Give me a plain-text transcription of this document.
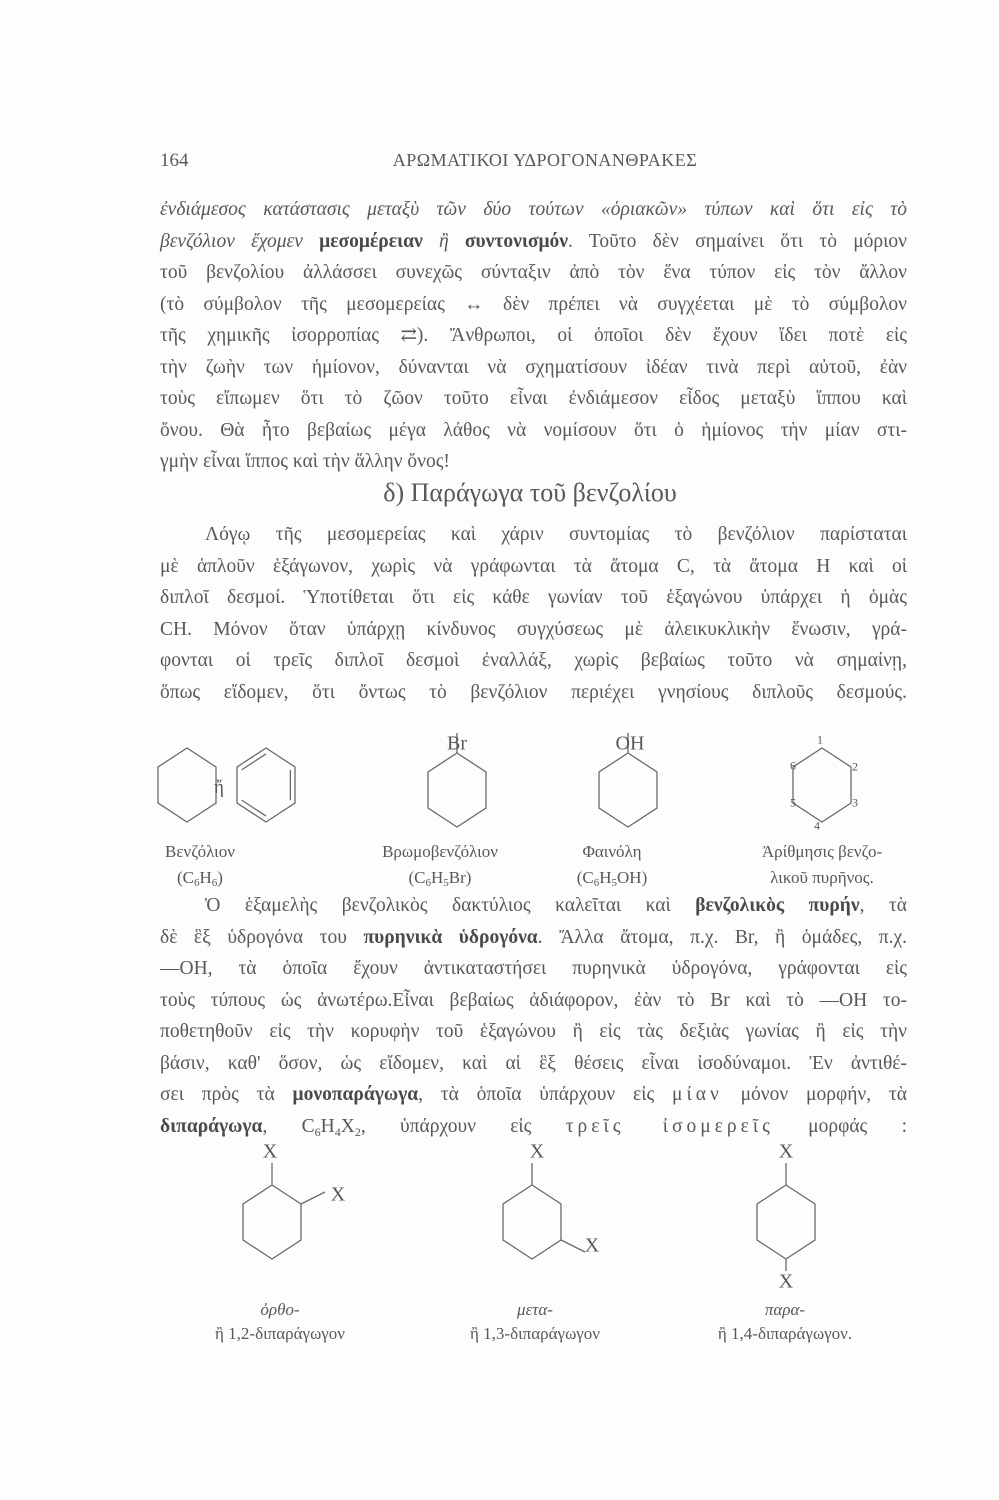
164	ΑΡΩΜΑΤΙΚΟΙ ΥΔΡΟΓΟΝΑΝΘΡΑΚΕΣ
δ) Παράγωγα τοῦ βενζολίου
ἤ
Br	OH	1
2
3
4
5
6
X
X
X
X
X
X
ἐνδιάμεσος κατάστασις μεταξὺ τῶν δύο τούτων «ὁριακῶν» τύπων καὶ ὅτι εἰς τὸ
βενζόλιον ἔχομεν μεσομέρειαν ἢ συντονισμόν. Τοῦτο δὲν σημαίνει ὅτι τὸ μόριον
τοῦ βενζολίου ἀλλάσσει συνεχῶς σύνταξιν ἀπὸ τὸν ἕνα τύπον εἰς τὸν ἄλλον
(τὸ σύμβολον τῆς μεσομερείας ↔ δὲν πρέπει νὰ συγχέεται μὲ τὸ σύμβολον
τῆς χημικῆς ἰσορροπίας ⇄). Ἄνθρωποι, οἱ ὁποῖοι δὲν ἔχουν ἴδει ποτὲ εἰς
τὴν ζωὴν των ἡμίονον, δύνανται νὰ σχηματίσουν ἰδέαν τινὰ περὶ αὐτοῦ, ἐὰν
τοὺς εἴπωμεν ὅτι τὸ ζῶον τοῦτο εἶναι ἐνδιάμεσον εἶδος μεταξὺ ἵππου καὶ
ὄνου. Θὰ ἦτο βεβαίως μέγα λάθος νὰ νομίσουν ὅτι ὁ ἡμίονος τὴν μίαν στι-
γμὴν εἶναι ἵππος καὶ τὴν ἄλλην ὄνος!
Λόγῳ τῆς μεσομερείας καὶ χάριν συντομίας τὸ βενζόλιον παρίσταται
μὲ ἁπλοῦν ἑξάγωνον, χωρὶς νὰ γράφωνται τὰ ἄτομα C, τὰ ἄτομα H καὶ οἱ
διπλοῖ δεσμοί. Ὑποτίθεται ὅτι εἰς κάθε γωνίαν τοῦ ἑξαγώνου ὑπάρχει ἡ ὁμὰς
CH. Μόνον ὅταν ὑπάρχῃ κίνδυνος συγχύσεως μὲ ἀλεικυκλικὴν ἕνωσιν, γρά-
φονται οἱ τρεῖς διπλοῖ δεσμοὶ ἐναλλάξ, χωρὶς βεβαίως τοῦτο νὰ σημαίνῃ,
ὅπως εἴδομεν, ὅτι ὄντως τὸ βενζόλιον περιέχει γνησίους διπλοῦς δεσμούς.
Ὁ ἑξαμελὴς βενζολικὸς δακτύλιος καλεῖται καὶ βενζολικὸς πυρήν, τὰ
δὲ ἓξ ὑδρογόνα του πυρηνικὰ ὑδρογόνα. Ἄλλα ἄτομα, π.χ. Br, ἢ ὁμάδες, π.χ.
—OH, τὰ ὁποῖα ἔχουν ἀντικαταστήσει πυρηνικὰ ὑδρογόνα, γράφονται εἰς
τοὺς τύπους ὡς ἀνωτέρω.Εἶναι βεβαίως ἀδιάφορον, ἐὰν τὸ Br καὶ τὸ —OH το-
ποθετηθοῦν εἰς τὴν κορυφὴν τοῦ ἑξαγώνου ἢ εἰς τὰς δεξιὰς γωνίας ἢ εἰς τὴν
βάσιν, καθ' ὅσον, ὡς εἴδομεν, καὶ αἱ ἓξ θέσεις εἶναι ἰσοδύναμοι. Ἐν ἀντιθέ-
σει πρὸς τὰ μονοπαράγωγα, τὰ ὁποῖα ὑπάρχουν εἰς μίαν μόνον μορφήν, τὰ
διπαράγωγα, $C_6H_4X_2$, ὑπάρχουν εἰς τρεῖς ἰσομερεῖς μορφάς :
Βενζόλιον
(C6H6)
Βρωμοβενζόλιον
(C6H5Br)
Φαινόλη
(C6H5OH)
Ἀρίθμησις βενζο-
λικοῦ πυρῆνος.
ὀρθο-
ἢ 1,2-διπαράγωγον
μετα-
ἢ 1,3-διπαράγωγον
παρα-
ἢ 1,4-διπαράγωγον.
